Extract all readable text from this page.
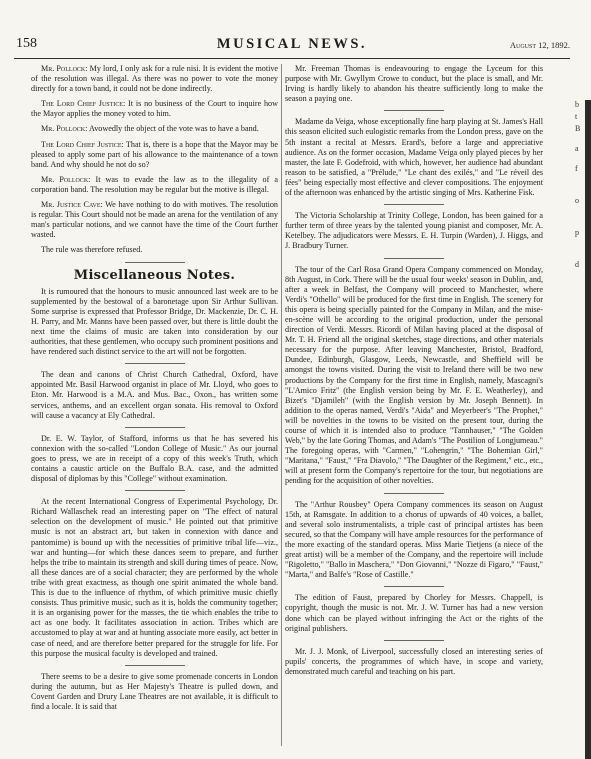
158	MUSICAL NEWS.	August 12, 1892.

Mr. Pollock: My lord, I only ask for a rule nisi. It is evident the motive of the resolution was illegal. As there was no power to vote the money directly for a town band, it could not be done indirectly.

The Lord Chief Justice: It is no business of the Court to inquire how the Mayor applies the money voted to him.

Mr. Pollock: Avowedly the object of the vote was to have a band.

The Lord Chief Justice: That is, there is a hope that the Mayor may be pleased to apply some part of his allowance to the maintenance of a town band. And why should he not do so?

Mr. Pollock: It was to evade the law as to the illegality of a corporation band. The resolution may be regular but the motive is illegal.

Mr. Justice Cave: We have nothing to do with motives. The resolution is regular. This Court should not be made an arena for the ventilation of any man's particular notions, and we cannot have the time of the Court further wasted.

The rule was therefore refused.

Miscellaneous Notes.

It is rumoured that the honours to music announced last week are to be supplemented by the bestowal of a baronetage upon Sir Arthur Sullivan. Some surprise is expressed that Professor Bridge, Dr. Mackenzie, Dr. C. H. H. Parry, and Mr. Manns have been passed over, but there is little doubt the next time the claims of music are taken into consideration by our authorities, that these gentlemen, who occupy such prominent positions and have rendered such distinct service to the art will not be forgotten.

The dean and canons of Christ Church Cathedral, Oxford, have appointed Mr. Basil Harwood organist in place of Mr. Lloyd, who goes to Eton. Mr. Harwood is a M.A. and Mus. Bac., Oxon., has written some services, anthems, and an excellent organ sonata. His removal to Oxford will cause a vacancy at Ely Cathedral.

Dr. E. W. Taylor, of Stafford, informs us that he has severed his connexion with the so-called "London College of Music." As our journal goes to press, we are in receipt of a copy of this week's Truth, which contains a caustic article on the Buffalo B.A. case, and the admitted disposal of diplomas by this "College" without examination.

At the recent International Congress of Experimental Psychology, Dr. Richard Wallaschek read an interesting paper on "The effect of natural selection on the development of music." He pointed out that primitive music is not an abstract art, but taken in connexion with dance and pantomime) is bound up with the necessities of primitive tribal life—viz., war and hunting—for which these dances seem to prepare, and further helps the tribe to maintain its strength and skill during times of peace. Now, all these dances are of a social character; they are performed by the whole tribe with great exactness, as though one spirit animated the whole band. This is due to the influence of rhythm, of which primitive music chiefly consists. Thus primitive music, such as it is, holds the community together; it is an organising power for the masses, the tie which enables the tribe to act as one body. It facilitates association in action. Tribes which are accustomed to play at war and at hunting associate more easily, act better in case of need, and are therefore better prepared for the struggle for life. For this purpose the musical faculty is developed and trained.

There seems to be a desire to give some promenade concerts in London during the autumn, but as Her Majesty's Theatre is pulled down, and Covent Garden and Drury Lane Theatres are not available, it is difficult to find a locale. It is said that

Mr. Freeman Thomas is endeavouring to engage the Lyceum for this purpose with Mr. Gwyllym Crowe to conduct, but the place is small, and Mr. Irving is hardly likely to abandon his theatre sufficiently long to make the season a paying one.

Madame da Veiga, whose exceptionally fine harp playing at St. James's Hall this season elicited such eulogistic remarks from the London press, gave on the 5th instant a recital at Messrs. Erard's, before a large and appreciative audience. As on the former occasion, Madame Veiga only played pieces by her master, the late F. Godefroid, with which, however, her audience had abundant reason to be satisfied, a "Prélude," "Le chant des exilés," and "Le réveil des fées" being especially most effective and clever compositions. The enjoyment of the afternoon was enhanced by the artistic singing of Mrs. Katherine Fisk.

The Victoria Scholarship at Trinity College, London, has been gained for a further term of three years by the talented young pianist and composer, Mr. A. Ketelbey. The adjudicators were Messrs. E. H. Turpin (Warden), J. Higgs, and J. Bradbury Turner.

The tour of the Carl Rosa Grand Opera Company commenced on Monday, 8th August, in Cork. There will be the usual four weeks' season in Dublin, and, after a week in Belfast, the Company will proceed to Manchester, where Verdi's "Othello" will be produced for the first time in English. The scenery for this opera is being specially painted for the Company in Milan, and the mise-en-scène will be according to the original production, under the personal direction of Verdi. Messrs. Ricordi of Milan having placed at the disposal of Mr. T. H. Friend all the original sketches, stage directions, and other materials necessary for the purpose. After leaving Manchester, Bristol, Bradford, Dundee, Edinburgh, Glasgow, Leeds, Newcastle, and Sheffield will be amongst the towns visited. During the visit to Ireland there will be two new productions by the Company for the first time in English, namely, Mascagni's "L'Amico Fritz" (the English version being by Mr. F. E. Weatherley), and Bizet's "Djamileh" (with the English version by Mr. Joseph Bennett). In addition to the operas named, Verdi's "Aida" and Meyerbeer's "The Prophet," will be novelties in the towns to be visited on the present tour, during the course of which it is intended also to produce "Tannhauser," "The Golden Web," by the late Goring Thomas, and Adam's "The Postilion of Longjumeau." The foregoing operas, with "Carmen," "Lohengrin," "The Bohemian Girl," "Maritana," "Faust," "Fra Diavolo," "The Daughter of the Regiment," etc., etc., will at present form the Company's repertoire for the tour, but negotiations are pending for the acquisition of other novelties.

The "Arthur Rousbey" Opera Company commences its season on August 15th, at Ramsgate. In addition to a chorus of upwards of 40 voices, a ballet, and several solo instrumentalists, a triple cast of principal artistes has been secured, so that the Company will have ample resources for the performance of the more exacting of the standard operas. Miss Marie Tietjens (a niece of the great artist) will be a member of the Company, and the repertoire will include "Rigoletto," "Ballo in Maschera," "Don Giovanni," "Nozze di Figaro," "Faust," "Marta," and Balfe's "Rose of Castille."

The edition of Faust, prepared by Chorley for Messrs. Chappell, is copyright, though the music is not. Mr. J. W. Turner has had a new version done which can be played without infringing the Act or the rights of the original publishers.

Mr. J. J. Monk, of Liverpool, successfully closed an interesting series of pupils' concerts, the programmes of which have, in scope and variety, demonstrated much careful and teaching on his part.

b
t
B
a
f
o
p
d
